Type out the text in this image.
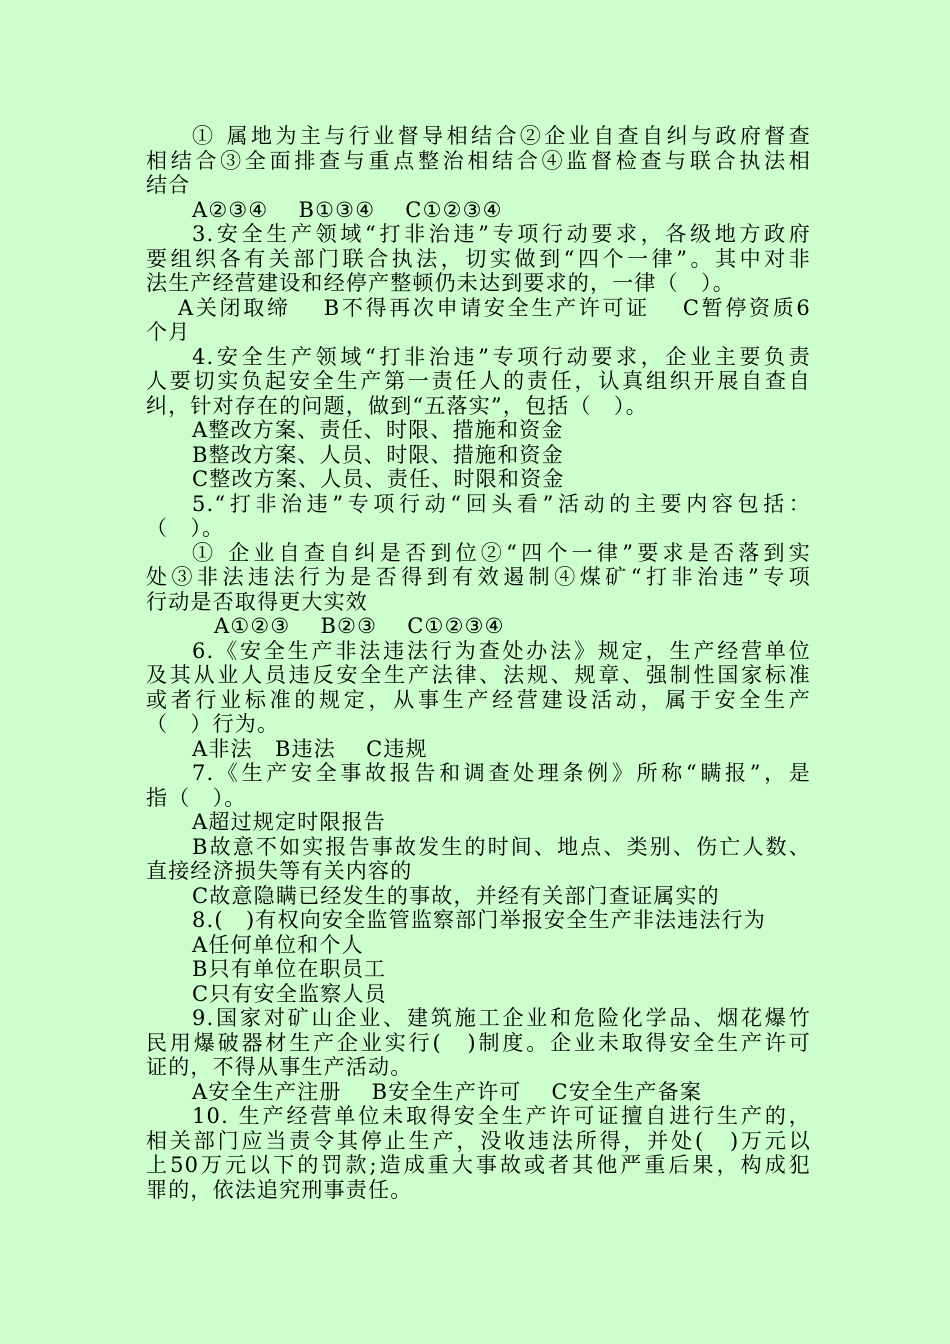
① 属地为主与行业督导相结合②企业自查自纠与政府督查
相结合③全面排查与重点整治相结合④监督检查与联合执法相
结合
A②③④　 B①③④　 C①②③④
3.安全生产领域“打非治违”专项行动要求，各级地方政府
要组织各有关部门联合执法，切实做到“四个一律”。其中对非
法生产经营建设和经停产整顿仍未达到要求的，一律（　）。
A关闭取缔　 B不得再次申请安全生产许可证　 C暂停资质6
个月
4.安全生产领域“打非治违”专项行动要求，企业主要负责
人要切实负起安全生产第一责任人的责任，认真组织开展自查自
纠，针对存在的问题，做到“五落实”，包括（　）。
A整改方案、责任、时限、措施和资金
B整改方案、人员、时限、措施和资金
C整改方案、人员、责任、时限和资金
5.“打非治违”专项行动“回头看”活动的主要内容包括：
（　）。
① 企业自查自纠是否到位②“四个一律”要求是否落到实
处③非法违法行为是否得到有效遏制④煤矿“打非治违”专项
行动是否取得更大实效
A①②③　 B②③　 C①②③④
6.《安全生产非法违法行为查处办法》规定，生产经营单位
及其从业人员违反安全生产法律、法规、规章、强制性国家标准
或者行业标准的规定，从事生产经营建设活动，属于安全生产
（　）行为。
A非法　B违法　 C违规
7.《生产安全事故报告和调查处理条例》所称“瞒报”，是
指（　）。
A超过规定时限报告
B故意不如实报告事故发生的时间、地点、类别、伤亡人数、
直接经济损失等有关内容的
C故意隐瞒已经发生的事故，并经有关部门查证属实的
8.(　)有权向安全监管监察部门举报安全生产非法违法行为
A任何单位和个人
B只有单位在职员工
C只有安全监察人员
9.国家对矿山企业、建筑施工企业和危险化学品、烟花爆竹
民用爆破器材生产企业实行(　)制度。企业未取得安全生产许可
证的，不得从事生产活动。
A安全生产注册　 B安全生产许可　 C安全生产备案
10. 生产经营单位未取得安全生产许可证擅自进行生产的，
相关部门应当责令其停止生产，没收违法所得，并处(　)万元以
上50万元以下的罚款;造成重大事故或者其他严重后果，构成犯
罪的，依法追究刑事责任。
